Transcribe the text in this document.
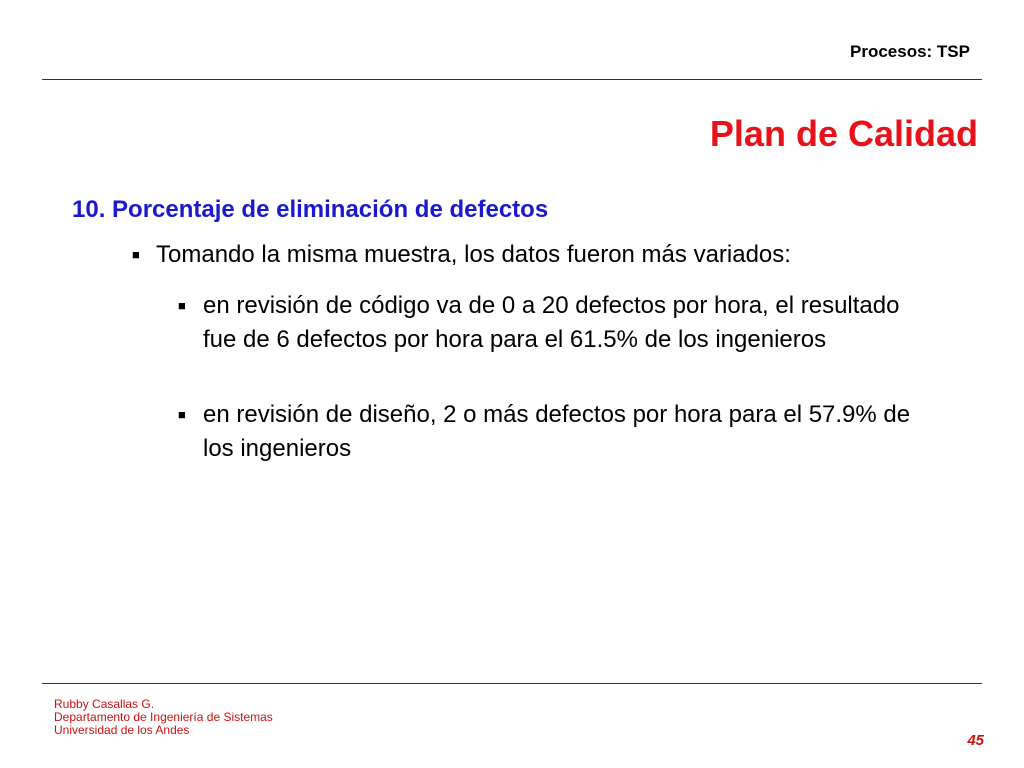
Procesos: TSP
Plan de Calidad
10. Porcentaje de eliminación de defectos
■ Tomando la misma muestra, los datos fueron más variados:
■ en revisión de código va de 0 a 20 defectos por hora, el resultado fue de 6 defectos por hora para el 61.5% de los ingenieros
■ en revisión de diseño, 2 o más defectos por hora para el 57.9% de los ingenieros
Rubby Casallas G.
Departamento de Ingeniería de Sistemas
Universidad de los Andes
45
